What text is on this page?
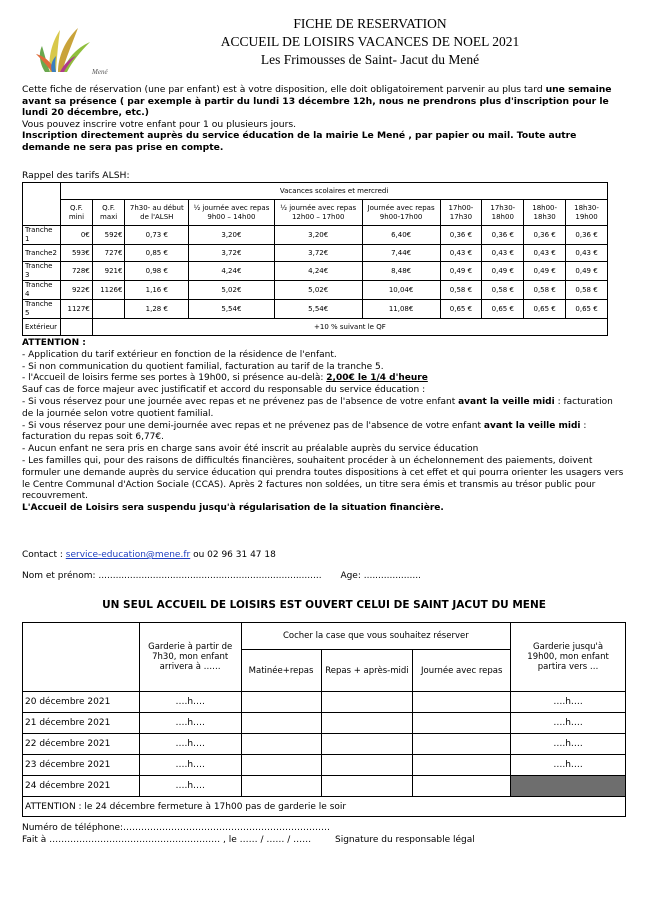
Mené
FICHE DE RESERVATION
ACCUEIL DE LOISIRS VACANCES DE NOEL 2021
Les Frimousses de Saint- Jacut du Mené

Cette fiche de réservation (une par enfant) est à votre disposition, elle doit obligatoirement parvenir au plus tard une semaine avant sa présence ( par exemple à partir du lundi 13 décembre 12h, nous ne prendrons plus d'inscription pour le lundi 20 décembre, etc.)

Vous pouvez inscrire votre enfant pour 1 ou plusieurs jours.

Inscription directement auprès du service éducation de la mairie Le Mené , par papier ou mail. Toute autre demande ne sera pas prise en compte.

Rappel des tarifs ALSH:
	Vacances scolaires et mercredi									
	Q.F. mini	Q.F. maxi	7h30- au début de l'ALSH	½ journée avec repas 9h00 – 14h00	½ journée avec repas 12h00 – 17h00	Journée avec repas 9h00-17h00	17h00-17h30	17h30-18h00	18h00-18h30	18h30-19h00
Tranche 1	0€	592€	0,73 €	3,20€	3,20€	6,40€	0,36 €	0,36 €	0,36 €	0,36 €
Tranche2	593€	727€	0,85 €	3,72€	3,72€	7,44€	0,43 €	0,43 €	0,43 €	0,43 €
Tranche 3	728€	921€	0,98 €	4,24€	4,24€	8,48€	0,49 €	0,49 €	0,49 €	0,49 €
Tranche 4	922€	1126€	1,16 €	5,02€	5,02€	10,04€	0,58 €	0,58 €	0,58 €	0,58 €
Tranche 5	1127€		1,28 €	5,54€	5,54€	11,08€	0,65 €	0,65 €	0,65 €	0,65 €
Extérieur		+10 % suivant le QF								

ATTENTION :

- Application du tarif extérieur en fonction de la résidence de l'enfant.

- Si non communication du quotient familial, facturation au tarif de la tranche 5.

- l'Accueil de loisirs ferme ses portes à 19h00, si présence au-delà: 2,00€ le 1/4 d'heure

Sauf cas de force majeur avec justificatif et accord du responsable du service éducation :

- Si vous réservez pour une journée avec repas et ne prévenez pas de l'absence de votre enfant avant la veille midi : facturation de la journée selon votre quotient familial.

- Si vous réservez pour une demi-journée avec repas et ne prévenez pas de l'absence de votre enfant avant la veille midi : facturation du repas soit 6,77€.

- Aucun enfant ne sera pris en charge sans avoir été inscrit au préalable auprès du service éducation

- Les familles qui, pour des raisons de difficultés financières, souhaitent procéder à un échelonnement des paiements, doivent formuler une demande auprès du service éducation qui prendra toutes dispositions à cet effet et qui pourra orienter les usagers vers le Centre Communal d'Action Sociale (CCAS). Après 2 factures non soldées, un titre sera émis et transmis au trésor public pour recouvrement.

L'Accueil de Loisirs sera suspendu jusqu'à régularisation de la situation financière.

Contact : service-education@mene.fr ou 02 96 31 47 18
Nom et prénom: .............................................................................. Age: ....................
UN SEUL ACCUEIL DE LOISIRS EST OUVERT CELUI DE SAINT JACUT DU MENE
	Garderie à partir de 7h30, mon enfant arrivera à ……	Cocher la case que vous souhaitez réserver			Garderie jusqu'à 19h00, mon enfant partira vers …
		Matinée+repas	Repas + après-midi	Journée avec repas	
20 décembre 2021	….h….				….h….
21 décembre 2021	….h….				….h….
22 décembre 2021	….h….				….h….
23 décembre 2021	….h….				….h….
24 décembre 2021	….h….				
ATTENTION : le 24 décembre fermeture à 17h00 pas de garderie le soir					
Numéro de téléphone:……………………………………………………………
Fait à ………………………………………………… , le …… / …… / ……	Signature du responsable légal
